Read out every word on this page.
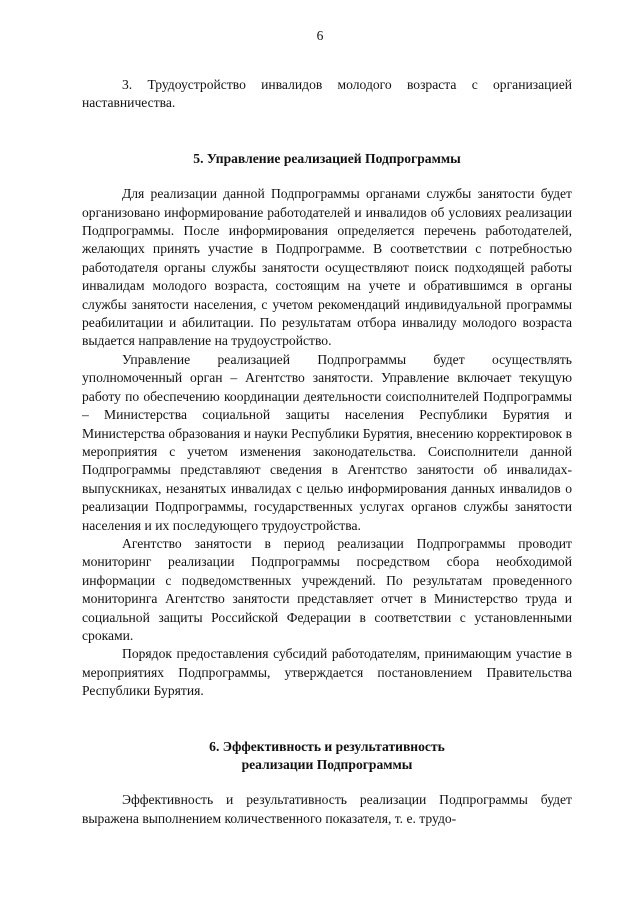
6

3. Трудоустройство инвалидов молодого возраста с организацией наставничества.

5. Управление реализацией Подпрограммы

Для реализации данной Подпрограммы органами службы занятости будет организовано информирование работодателей и инвалидов об условиях реализации Подпрограммы. После информирования определяется перечень работодателей, желающих принять участие в Подпрограмме. В соответствии с потребностью работодателя органы службы занятости осуществляют поиск подходящей работы инвалидам молодого возраста, состоящим на учете и обратившимся в органы службы занятости населения, с учетом рекомендаций индивидуальной программы реабилитации и абилитации. По результатам отбора инвалиду молодого возраста выдается направление на трудоустройство.

Управление реализацией Подпрограммы будет осуществлять уполномоченный орган – Агентство занятости. Управление включает текущую работу по обеспечению координации деятельности соисполнителей Подпрограммы – Министерства социальной защиты населения Республики Бурятия и Министерства образования и науки Республики Бурятия, внесению корректировок в мероприятия с учетом изменения законодательства. Соисполнители данной Подпрограммы представляют сведения в Агентство занятости об инвалидах-выпускниках, незанятых инвалидах с целью информирования данных инвалидов о реализации Подпрограммы, государственных услугах органов службы занятости населения и их последующего трудоустройства.

Агентство занятости в период реализации Подпрограммы проводит мониторинг реализации Подпрограммы посредством сбора необходимой информации с подведомственных учреждений. По результатам проведенного мониторинга Агентство занятости представляет отчет в Министерство труда и социальной защиты Российской Федерации в соответствии с установленными сроками.

Порядок предоставления субсидий работодателям, принимающим участие в мероприятиях Подпрограммы, утверждается постановлением Правительства Республики Бурятия.

6. Эффективность и результативность
реализации Подпрограммы

Эффективность и результативность реализации Подпрограммы будет выражена выполнением количественного показателя, т. е. трудо-
